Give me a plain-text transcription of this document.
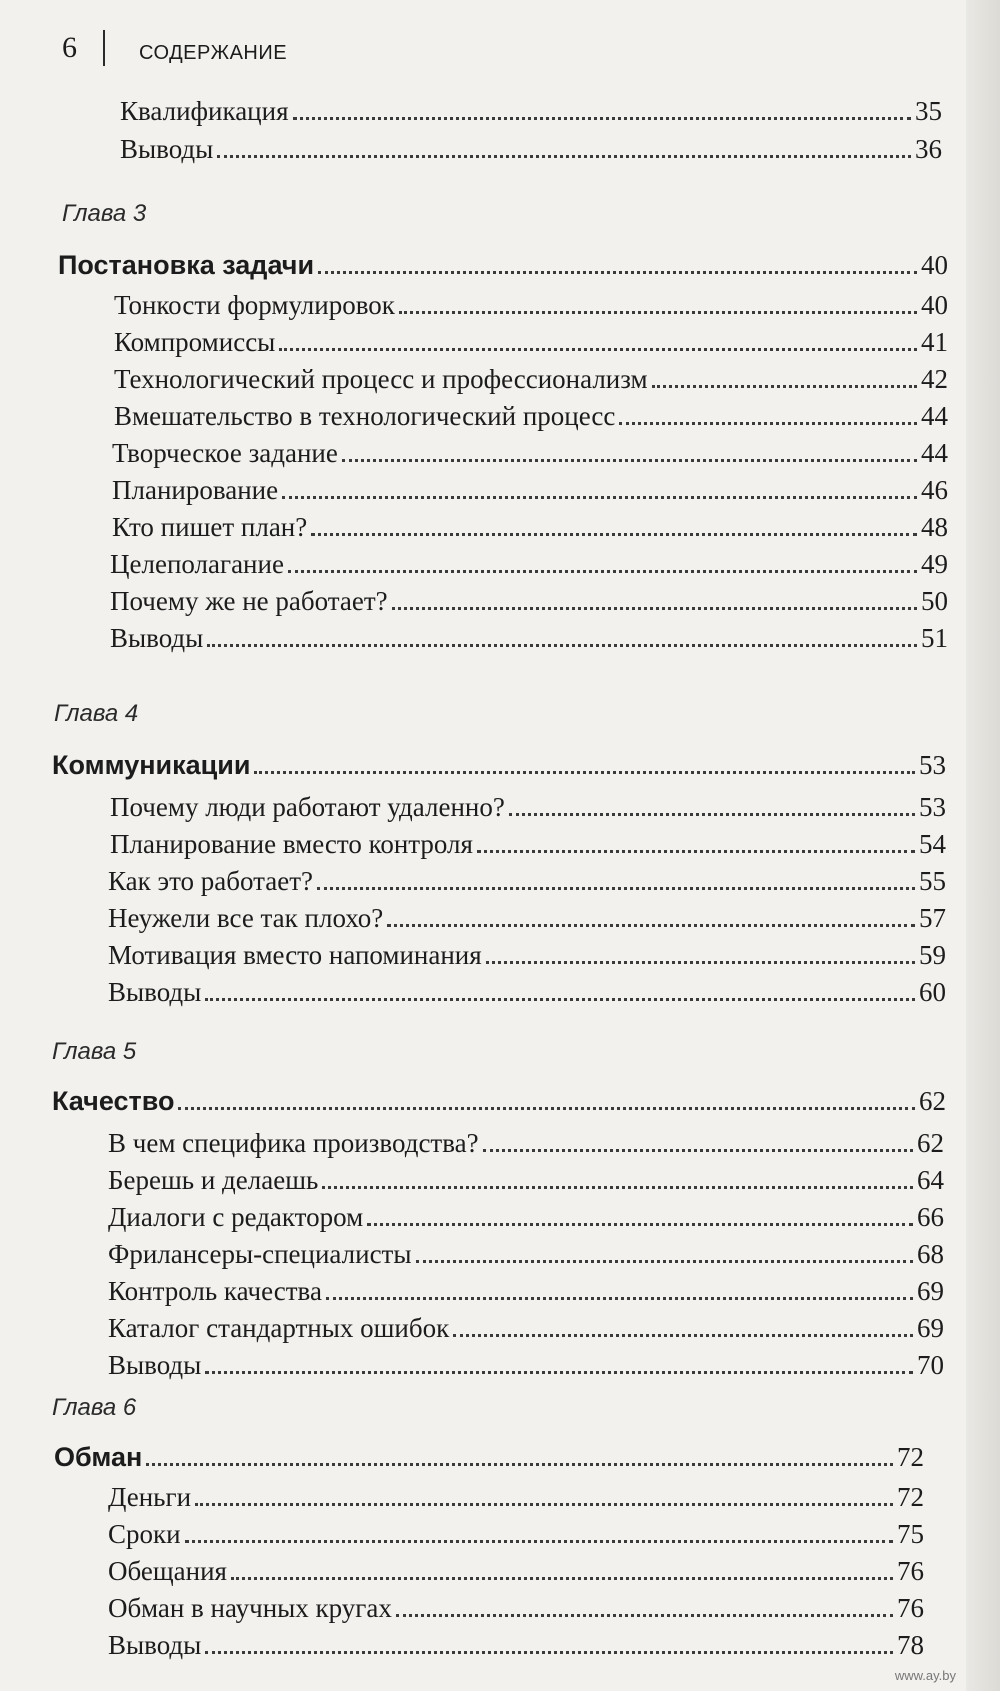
6	СОДЕРЖАНИЕ
Квалификация	35
Выводы	36
Глава 3
Постановка задачи	40
Тонкости формулировок	40
Компромиссы	41
Технологический процесс и профессионализм	42
Вмешательство в технологический процесс	44
Творческое задание	44
Планирование	46
Кто пишет план?	48
Целеполагание	49
Почему же не работает?	50
Выводы	51
Глава 4
Коммуникации	53
Почему люди работают удаленно?	53
Планирование вместо контроля	54
Как это работает?	55
Неужели все так плохо?	57
Мотивация вместо напоминания	59
Выводы	60
Глава 5
Качество	62
В чем специфика производства?	62
Берешь и делаешь	64
Диалоги с редактором	66
Фрилансеры-специалисты	68
Контроль качества	69
Каталог стандартных ошибок	69
Выводы	70
Глава 6
Обман	72
Деньги	72
Сроки	75
Обещания	76
Обман в научных кругах	76
Выводы	78
www.ay.by
